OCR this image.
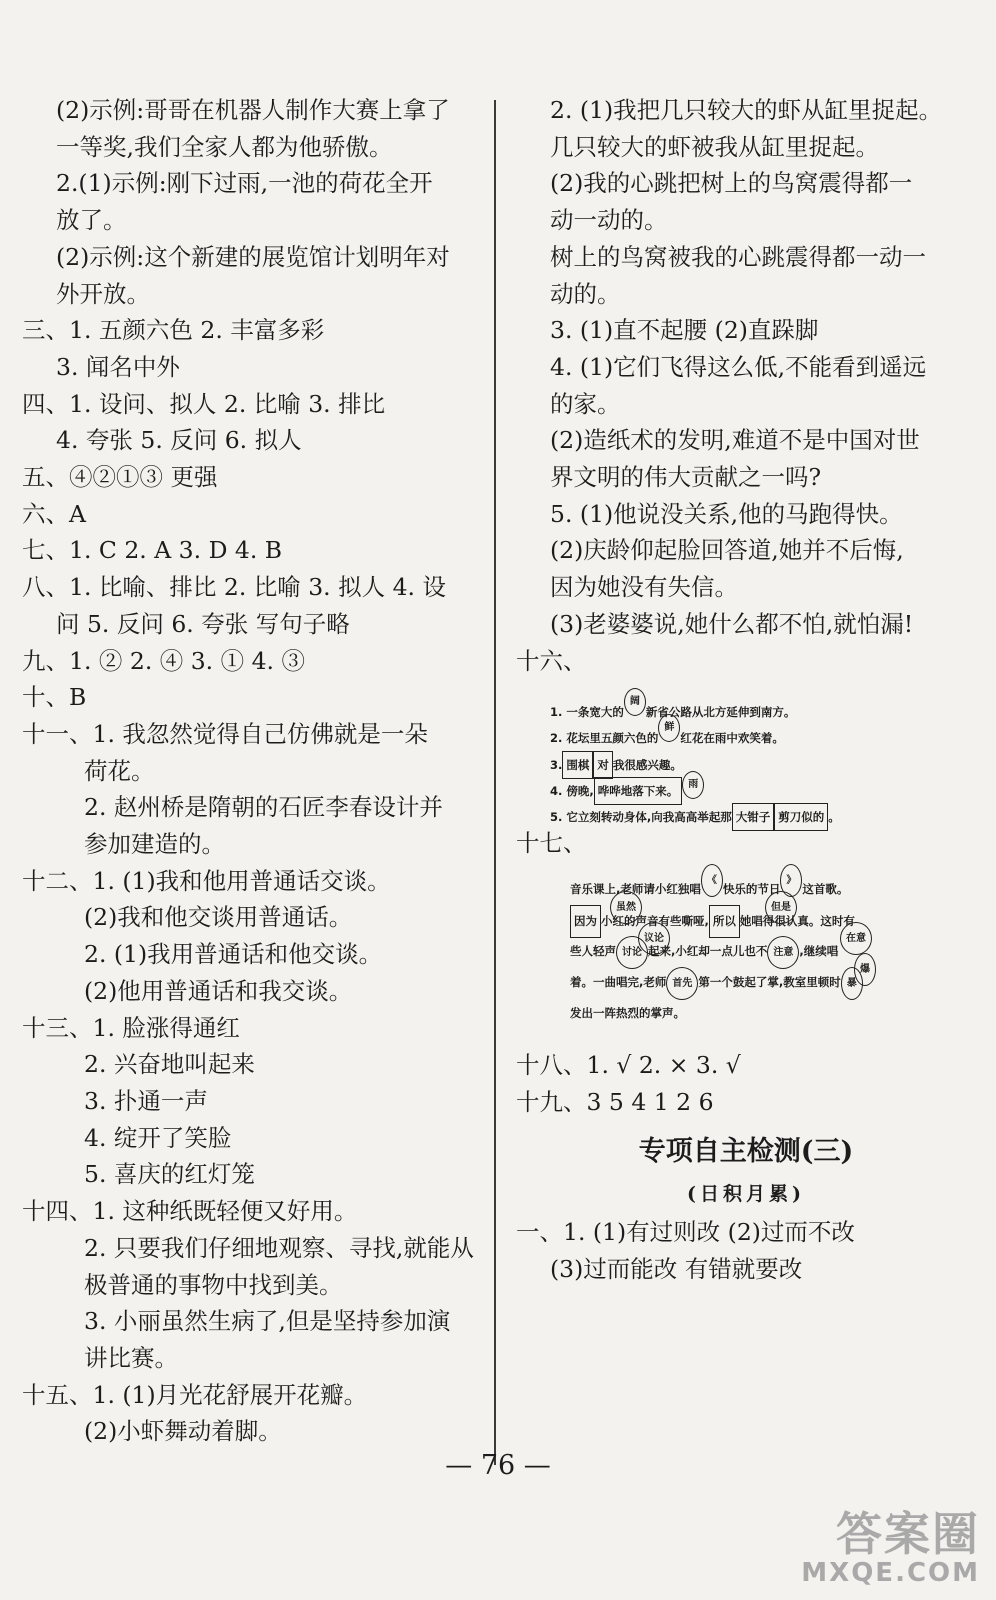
(2)示例:哥哥在机器人制作大赛上拿了
一等奖,我们全家人都为他骄傲。
2.(1)示例:刚下过雨,一池的荷花全开
放了。
(2)示例:这个新建的展览馆计划明年对
外开放。
三、1. 五颜六色 2. 丰富多彩
3. 闻名中外
四、1. 设问、拟人 2. 比喻 3. 排比
4. 夸张 5. 反问 6. 拟人
五、④②①③ 更强
六、A
七、1. C 2. A 3. D 4. B
八、1. 比喻、排比 2. 比喻 3. 拟人 4. 设
问 5. 反问 6. 夸张 写句子略
九、1. ② 2. ④ 3. ① 4. ③
十、B
十一、1. 我忽然觉得自己仿佛就是一朵
荷花。
2. 赵州桥是隋朝的石匠李春设计并
参加建造的。
十二、1. (1)我和他用普通话交谈。
(2)我和他交谈用普通话。
2. (1)我用普通话和他交谈。
(2)他用普通话和我交谈。
十三、1. 脸涨得通红
2. 兴奋地叫起来
3. 扑通一声
4. 绽开了笑脸
5. 喜庆的红灯笼
十四、1. 这种纸既轻便又好用。
2. 只要我们仔细地观察、寻找,就能从
极普通的事物中找到美。
3. 小丽虽然生病了,但是坚持参加演
讲比赛。
十五、1. (1)月光花舒展开花瓣。
(2)小虾舞动着脚。
2. (1)我把几只较大的虾从缸里捉起。
几只较大的虾被我从缸里捉起。
(2)我的心跳把树上的鸟窝震得都一
动一动的。
树上的鸟窝被我的心跳震得都一动一
动的。
3. (1)直不起腰 (2)直跺脚
4. (1)它们飞得这么低,不能看到遥远
的家。
(2)造纸术的发明,难道不是中国对世
界文明的伟大贡献之一吗?
5. (1)他说没关系,他的马跑得快。
(2)庆龄仰起脸回答道,她并不后悔,
因为她没有失信。
(3)老婆婆说,她什么都不怕,就怕漏!
十六、
1. 一条宽大的阔新省公路从北方延伸到南方。
2. 花坛里五颜六色的鲜红花在雨中欢笑着。
3. 围棋 对 我很感兴趣。
4. 傍晚, 哗哗地落下来。 雨
5. 它立刻转动身体,向我高高举起那 大钳子 剪刀似的 。
十七、
音乐课上,老师请小红独唱《快乐的节日》这首歌。
虽然	但是
因为 小红的声音有些嘶哑, 所以 她唱得很认真。这时有
议论	在意
些人轻声 讨论 起来,小红却一点儿也不 注意 ,继续唱
爆
着。一曲唱完,老师 首先 第一个鼓起了掌,教室里顿时 暴
发出一阵热烈的掌声。
十八、1. √ 2. × 3. √
十九、3 5 4 1 2 6
专项自主检测(三)
(日积月累)
一、1. (1)有过则改 (2)过而不改
(3)过而能改 有错就要改
— 76 —
答案圈
MXQE.COM
